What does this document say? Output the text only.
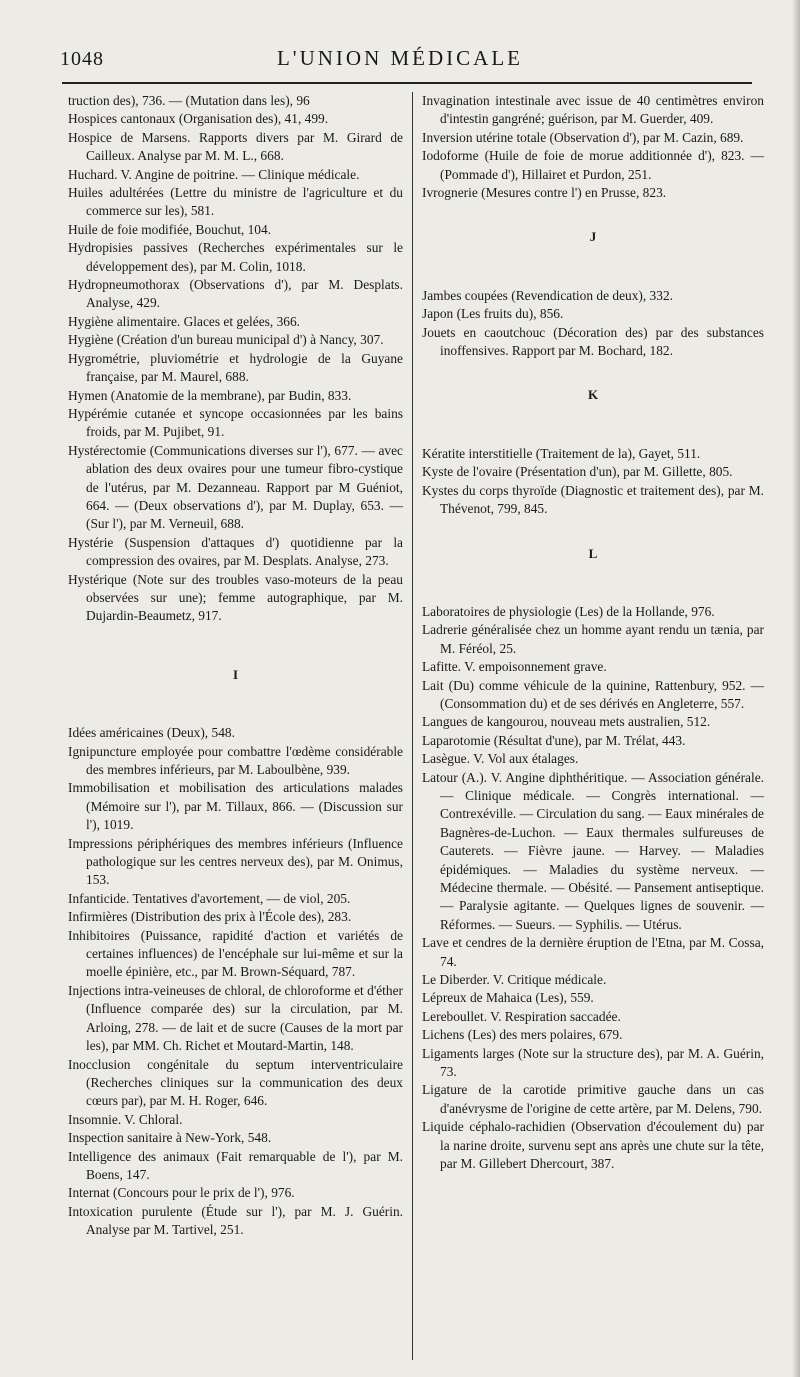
1048	L'UNION MÉDICALE

truction des), 736. — (Mutation dans les), 96

Hospices cantonaux (Organisation des), 41, 499.

Hospice de Marsens. Rapports divers par M. Girard de Cailleux. Analyse par M. M. L., 668.

Huchard. V. Angine de poitrine. — Clinique médicale.

Huiles adultérées (Lettre du ministre de l'agriculture et du commerce sur les), 581.

Huile de foie modifiée, Bouchut, 104.

Hydropisies passives (Recherches expérimentales sur le développement des), par M. Colin, 1018.

Hydropneumothorax (Observations d'), par M. Desplats. Analyse, 429.

Hygiène alimentaire. Glaces et gelées, 366.

Hygiène (Création d'un bureau municipal d') à Nancy, 307.

Hygrométrie, pluviométrie et hydrologie de la Guyane française, par M. Maurel, 688.

Hymen (Anatomie de la membrane), par Budin, 833.

Hypérémie cutanée et syncope occasionnées par les bains froids, par M. Pujibet, 91.

Hystérectomie (Communications diverses sur l'), 677. — avec ablation des deux ovaires pour une tumeur fibro-cystique de l'utérus, par M. Dezanneau. Rapport par M Guéniot, 664. — (Deux observations d'), par M. Duplay, 653. — (Sur l'), par M. Verneuil, 688.

Hystérie (Suspension d'attaques d') quotidienne par la compression des ovaires, par M. Desplats. Analyse, 273.

Hystérique (Note sur des troubles vaso-moteurs de la peau observées sur une); femme autographique, par M. Dujardin-Beaumetz, 917.

I

Idées américaines (Deux), 548.

Ignipuncture employée pour combattre l'œdème considérable des membres inférieurs, par M. Laboulbène, 939.

Immobilisation et mobilisation des articulations malades (Mémoire sur l'), par M. Tillaux, 866. — (Discussion sur l'), 1019.

Impressions périphériques des membres inférieurs (Influence pathologique sur les centres nerveux des), par M. Onimus, 153.

Infanticide. Tentatives d'avortement, — de viol, 205.

Infirmières (Distribution des prix à l'École des), 283.

Inhibitoires (Puissance, rapidité d'action et variétés de certaines influences) de l'encéphale sur lui-même et sur la moelle épinière, etc., par M. Brown-Séquard, 787.

Injections intra-veineuses de chloral, de chloroforme et d'éther (Influence comparée des) sur la circulation, par M. Arloing, 278. — de lait et de sucre (Causes de la mort par les), par MM. Ch. Richet et Moutard-Martin, 148.

Inocclusion congénitale du septum interventriculaire (Recherches cliniques sur la communication des deux cœurs par), par M. H. Roger, 646.

Insomnie. V. Chloral.

Inspection sanitaire à New-York, 548.

Intelligence des animaux (Fait remarquable de l'), par M. Boens, 147.

Internat (Concours pour le prix de l'), 976.

Intoxication purulente (Étude sur l'), par M. J. Guérin. Analyse par M. Tartivel, 251.

Invagination intestinale avec issue de 40 centimètres environ d'intestin gangréné; guérison, par M. Guerder, 409.

Inversion utérine totale (Observation d'), par M. Cazin, 689.

Iodoforme (Huile de foie de morue additionnée d'), 823. — (Pommade d'), Hillairet et Purdon, 251.

Ivrognerie (Mesures contre l') en Prusse, 823.

J

Jambes coupées (Revendication de deux), 332.

Japon (Les fruits du), 856.

Jouets en caoutchouc (Décoration des) par des substances inoffensives. Rapport par M. Bochard, 182.

K

Kératite interstitielle (Traitement de la), Gayet, 511.

Kyste de l'ovaire (Présentation d'un), par M. Gillette, 805.

Kystes du corps thyroïde (Diagnostic et traitement des), par M. Thévenot, 799, 845.

L

Laboratoires de physiologie (Les) de la Hollande, 976.

Ladrerie généralisée chez un homme ayant rendu un tænia, par M. Féréol, 25.

Lafitte. V. empoisonnement grave.

Lait (Du) comme véhicule de la quinine, Rattenbury, 952. — (Consommation du) et de ses dérivés en Angleterre, 557.

Langues de kangourou, nouveau mets australien, 512.

Laparotomie (Résultat d'une), par M. Trélat, 443.

Lasègue. V. Vol aux étalages.

Latour (A.). V. Angine diphthéritique. — Association générale. — Clinique médicale. — Congrès international. — Contrexéville. — Circulation du sang. — Eaux minérales de Bagnères-de-Luchon. — Eaux thermales sulfureuses de Cauterets. — Fièvre jaune. — Harvey. — Maladies épidémiques. — Maladies du système nerveux. — Médecine thermale. — Obésité. — Pansement antiseptique. — Paralysie agitante. — Quelques lignes de souvenir. — Réformes. — Sueurs. — Syphilis. — Utérus.

Lave et cendres de la dernière éruption de l'Etna, par M. Cossa, 74.

Le Diberder. V. Critique médicale.

Lépreux de Mahaica (Les), 559.

Lereboullet. V. Respiration saccadée.

Lichens (Les) des mers polaires, 679.

Ligaments larges (Note sur la structure des), par M. A. Guérin, 73.

Ligature de la carotide primitive gauche dans un cas d'anévrysme de l'origine de cette artère, par M. Delens, 790.

Liquide céphalo-rachidien (Observation d'écoulement du) par la narine droite, survenu sept ans après une chute sur la tête, par M. Gillebert Dhercourt, 387.
